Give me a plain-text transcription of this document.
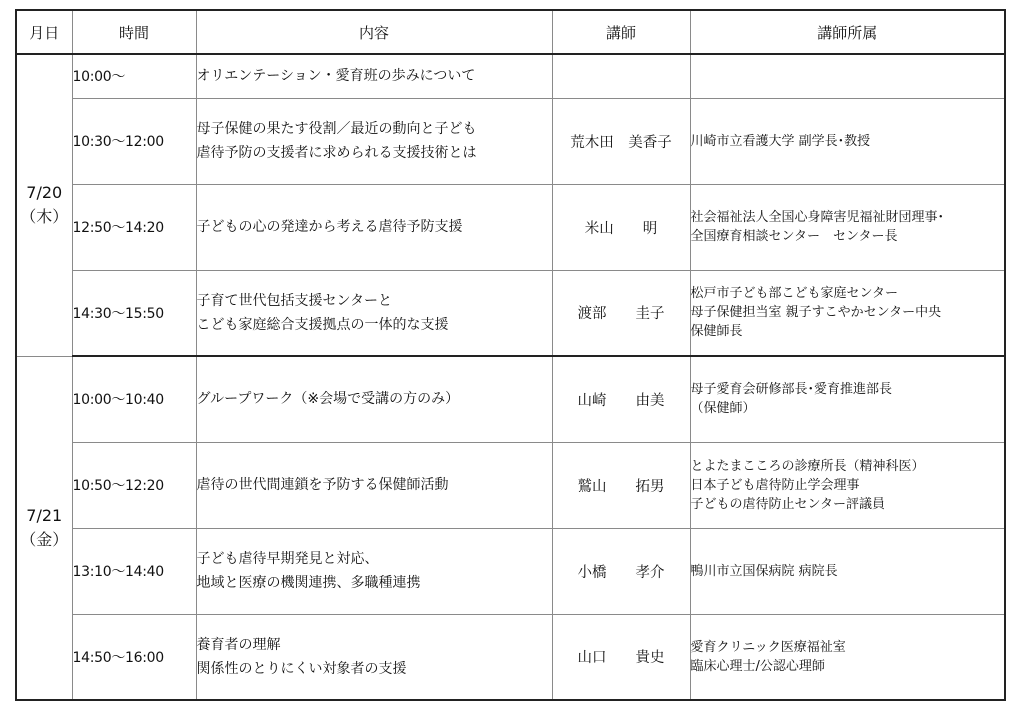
月日	時間	内容	講師	講師所属

7/20
（木）	10:00～	オリエンテーション・愛育班の歩みについて		

	10:30～12:00	母子保健の果たす役割／最近の動向と子ども
虐待予防の支援者に求められる支援技術とは	荒木田　美香子	川崎市立看護大学 副学長･教授

	12:50～14:20	子どもの心の発達から考える虐待予防支援	米山　　明	社会福祉法人全国心身障害児福祉財団理事･
全国療育相談センター　センター長

	14:30～15:50	子育て世代包括支援センターと
こども家庭総合支援拠点の一体的な支援	渡部　　圭子	松戸市子ども部こども家庭センター
母子保健担当室 親子すこやかセンター中央
保健師長

7/21
（金）	10:00～10:40	グループワーク（※会場で受講の方のみ）	山崎　　由美	母子愛育会研修部長･愛育推進部長
（保健師）

	10:50～12:20	虐待の世代間連鎖を予防する保健師活動	鷲山　　拓男	とよたまこころの診療所長（精神科医）
日本子ども虐待防止学会理事
子どもの虐待防止センター評議員

	13:10～14:40	子ども虐待早期発見と対応、
地域と医療の機関連携、多職種連携	小橋　　孝介	鴨川市立国保病院 病院長

	14:50～16:00	養育者の理解
関係性のとりにくい対象者の支援	山口　　貴史	愛育クリニック医療福祉室
臨床心理士/公認心理師
